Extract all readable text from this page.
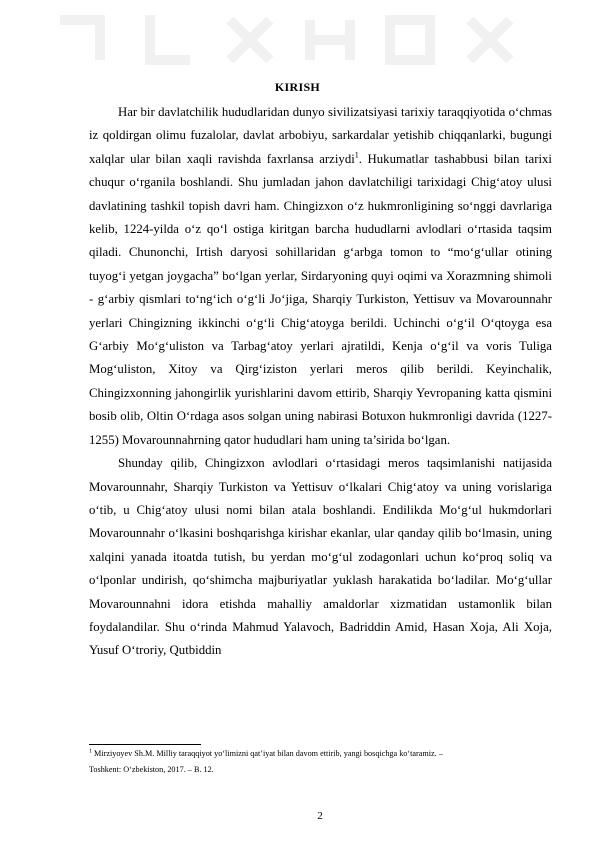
KIRISH

Har bir davlatchilik hududlaridan dunyo sivilizatsiyasi tarixiy taraqqiyotida o‘chmas iz qoldirgan olimu fuzalolar, davlat arbobiyu, sarkardalar yetishib chiqqanlarki, bugungi xalqlar ular bilan xaqli ravishda faxrlansa arziydi$^1$. Hukumatlar tashabbusi bilan tarixi chuqur o‘rganila boshlandi. Shu jumladan jahon davlatchiligi tarixidagi Chig‘atoy ulusi davlatining tashkil topish davri ham. Chingizxon o‘z hukmronligining so‘nggi davrlariga kelib, 1224-yilda o‘z qo‘l ostiga kiritgan barcha hududlarni avlodlari o‘rtasida taqsim qiladi. Chunonchi, Irtish daryosi sohillaridan g‘arbga tomon to “mo‘g‘ullar otining tuyog‘i yetgan joygacha” bo‘lgan yerlar, Sirdaryoning quyi oqimi va Xorazmning shimoli - g‘arbiy qismlari to‘ng‘ich o‘g‘li Jo‘jiga, Sharqiy Turkiston, Yettisuv va Movarounnahr yerlari Chingizning ikkinchi o‘g‘li Chig‘atoyga berildi. Uchinchi o‘g‘il O‘qtoyga esa G‘arbiy Mo‘g‘uliston va Tarbag‘atoy yerlari ajratildi, Kenja o‘g‘il va voris Tuliga Mog‘uliston, Xitoy va Qirg‘iziston yerlari meros qilib berildi. Keyinchalik, Chingizxonning jahongirlik yurishlarini davom ettirib, Sharqiy Yevropaning katta qismini bosib olib, Oltin O‘rdaga asos solgan uning nabirasi Botuxon hukmronligi davrida (1227-1255) Movarounnahrning qator hududlari ham uning ta’sirida bo‘lgan.

Shunday qilib, Chingizxon avlodlari o‘rtasidagi meros taqsimlanishi natijasida Movarounnahr, Sharqiy Turkiston va Yettisuv o‘lkalari Chig‘atoy va uning vorislariga o‘tib, u Chig‘atoy ulusi nomi bilan atala boshlandi. Endilikda Mo‘g‘ul hukmdorlari Movarounnahr o‘lkasini boshqarishga kirishar ekanlar, ular qanday qilib bo‘lmasin, uning xalqini yanada itoatda tutish, bu yerdan mo‘g‘ul zodagonlari uchun ko‘proq soliq va o‘lponlar undirish, qo‘shimcha majburiyatlar yuklash harakatida bo‘ladilar. Mo‘g‘ullar Movarounnahni idora etishda mahalliy amaldorlar xizmatidan ustamonlik bilan foydalandilar. Shu o‘rinda Mahmud Yalavoch, Badriddin Amid, Hasan Xoja, Ali Xoja, Yusuf O‘troriy, Qutbiddin

$^1$ Mirziyoyev Sh.M. Milliy taraqqiyot yo‘limizni qat’iyat bilan davom ettirib, yangi bosqichga ko‘taramiz. –

Toshkent: O‘zbekiston, 2017. – B. 12.

2
